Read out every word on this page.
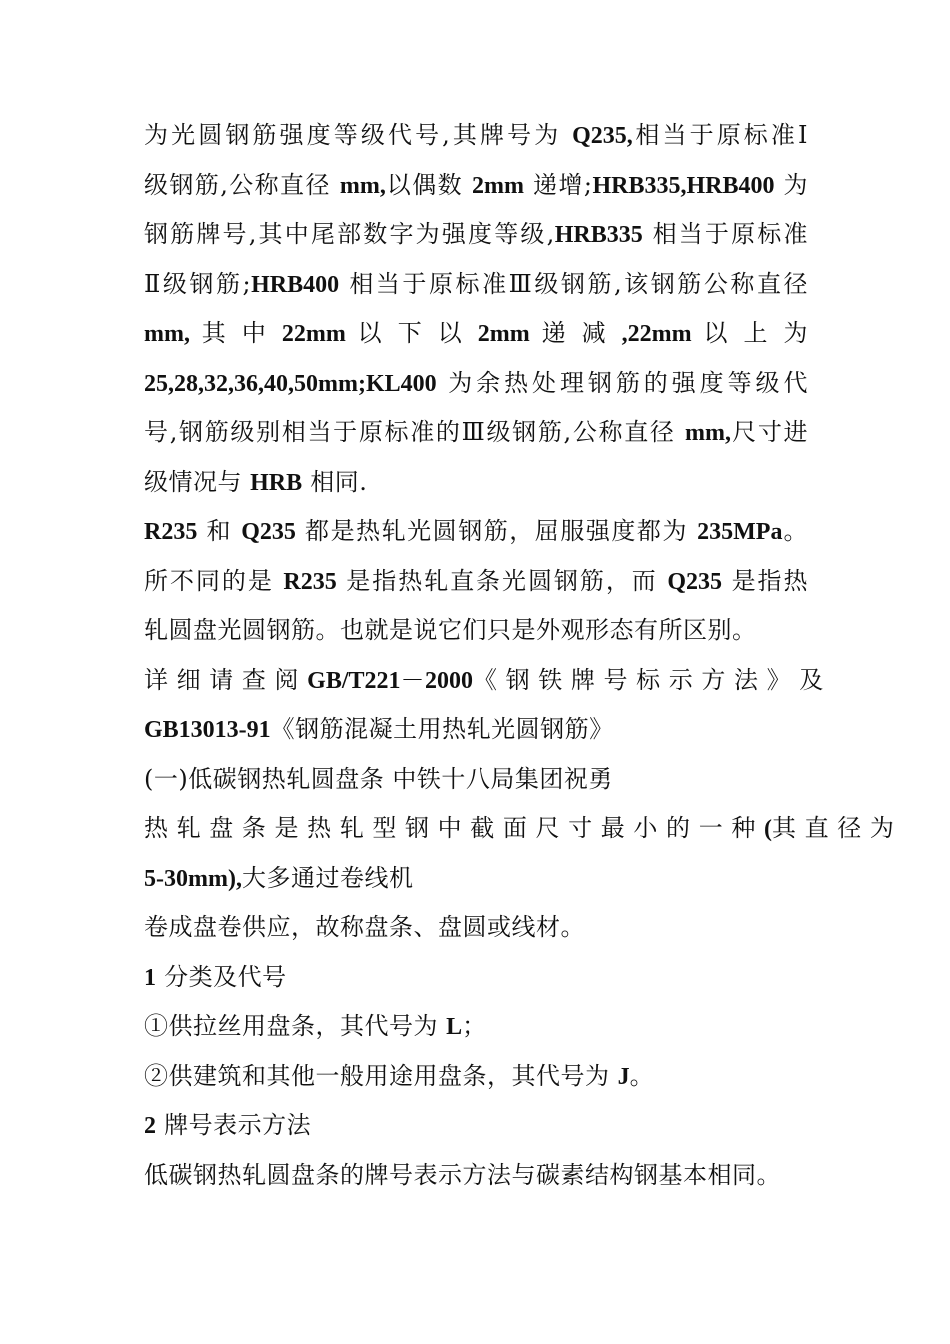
为光圆钢筋强度等级代号,其牌号为 Q235,相当于原标准Ⅰ
级钢筋,公称直径 mm,以偶数 2mm 递增;HRB335,HRB400 为
钢筋牌号,其中尾部数字为强度等级,HRB335 相当于原标准
Ⅱ级钢筋;HRB400 相当于原标准Ⅲ级钢筋,该钢筋公称直径
mm, 其 中 22mm 以 下 以 2mm 递 减 ,22mm 以 上 为
25,28,32,36,40,50mm;KL400 为余热处理钢筋的强度等级代
号,钢筋级别相当于原标准的Ⅲ级钢筋,公称直径 mm,尺寸进
级情况与 HRB 相同.
R235 和 Q235 都是热轧光圆钢筋，屈服强度都为 235MPa。
所不同的是 R235 是指热轧直条光圆钢筋，而 Q235 是指热
轧圆盘光圆钢筋。也就是说它们只是外观形态有所区别。
详 细 请 查 阅 GB/T221－2000《 钢 铁 牌 号 标 示 方 法 》 及
GB13013-91《钢筋混凝土用热轧光圆钢筋》
(一)低碳钢热轧圆盘条 中铁十八局集团祝勇
热 轧 盘 条 是 热 轧 型 钢 中 截 面 尺 寸 最 小 的 一 种 (其 直 径 为
5-30mm),大多通过卷线机
卷成盘卷供应，故称盘条、盘圆或线材。
1 分类及代号
①供拉丝用盘条，其代号为 L；
②供建筑和其他一般用途用盘条，其代号为 J。
2 牌号表示方法
低碳钢热轧圆盘条的牌号表示方法与碳素结构钢基本相同。
